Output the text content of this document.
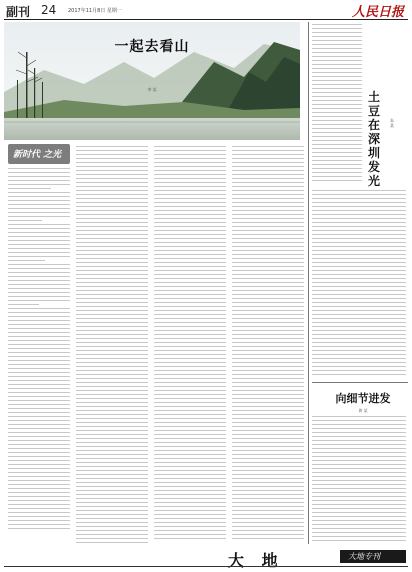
副刊 24 2017年11月8日 星期一	人民日报
一起去看山
李 某
新时代 之光
土
豆
在
深
圳
发
光
朱 某
向细节进发
黄 某
大 地	大地专刊
